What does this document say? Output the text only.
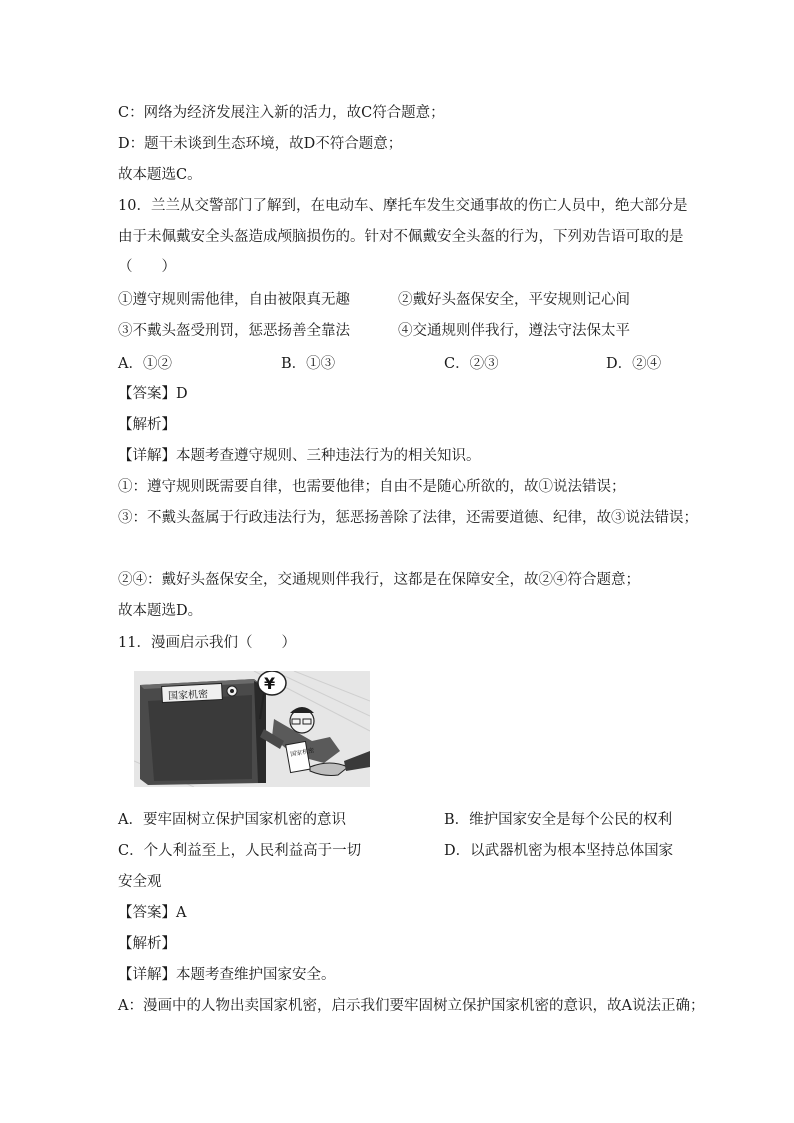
C：网络为经济发展注入新的活力，故C符合题意；
D：题干未谈到生态环境，故D不符合题意；
故本题选C。
10．兰兰从交警部门了解到，在电动车、摩托车发生交通事故的伤亡人员中，绝大部分是
由于未佩戴安全头盔造成颅脑损伤的。针对不佩戴安全头盔的行为，下列劝告语可取的是
（　　）
①遵守规则需他律，自由被限真无趣	②戴好头盔保安全，平安规则记心间
③不戴头盔受刑罚，惩恶扬善全靠法	④交通规则伴我行，遵法守法保太平
A．①②	B．①③	C．②③	D．②④
【答案】D
【解析】
【详解】本题考查遵守规则、三种违法行为的相关知识。
①：遵守规则既需要自律，也需要他律；自由不是随心所欲的，故①说法错误；
③：不戴头盔属于行政违法行为，惩恶扬善除了法律，还需要道德、纪律，故③说法错误；
②④：戴好头盔保安全，交通规则伴我行，这都是在保障安全，故②④符合题意；
故本题选D。
11．漫画启示我们（　　）
国家机密
¥
国家机密
A．要牢固树立保护国家机密的意识	B．维护国家安全是每个公民的权利
C．个人利益至上，人民利益高于一切	D．以武器机密为根本坚持总体国家
安全观
【答案】A
【解析】
【详解】本题考查维护国家安全。
A：漫画中的人物出卖国家机密，启示我们要牢固树立保护国家机密的意识，故A说法正确；
